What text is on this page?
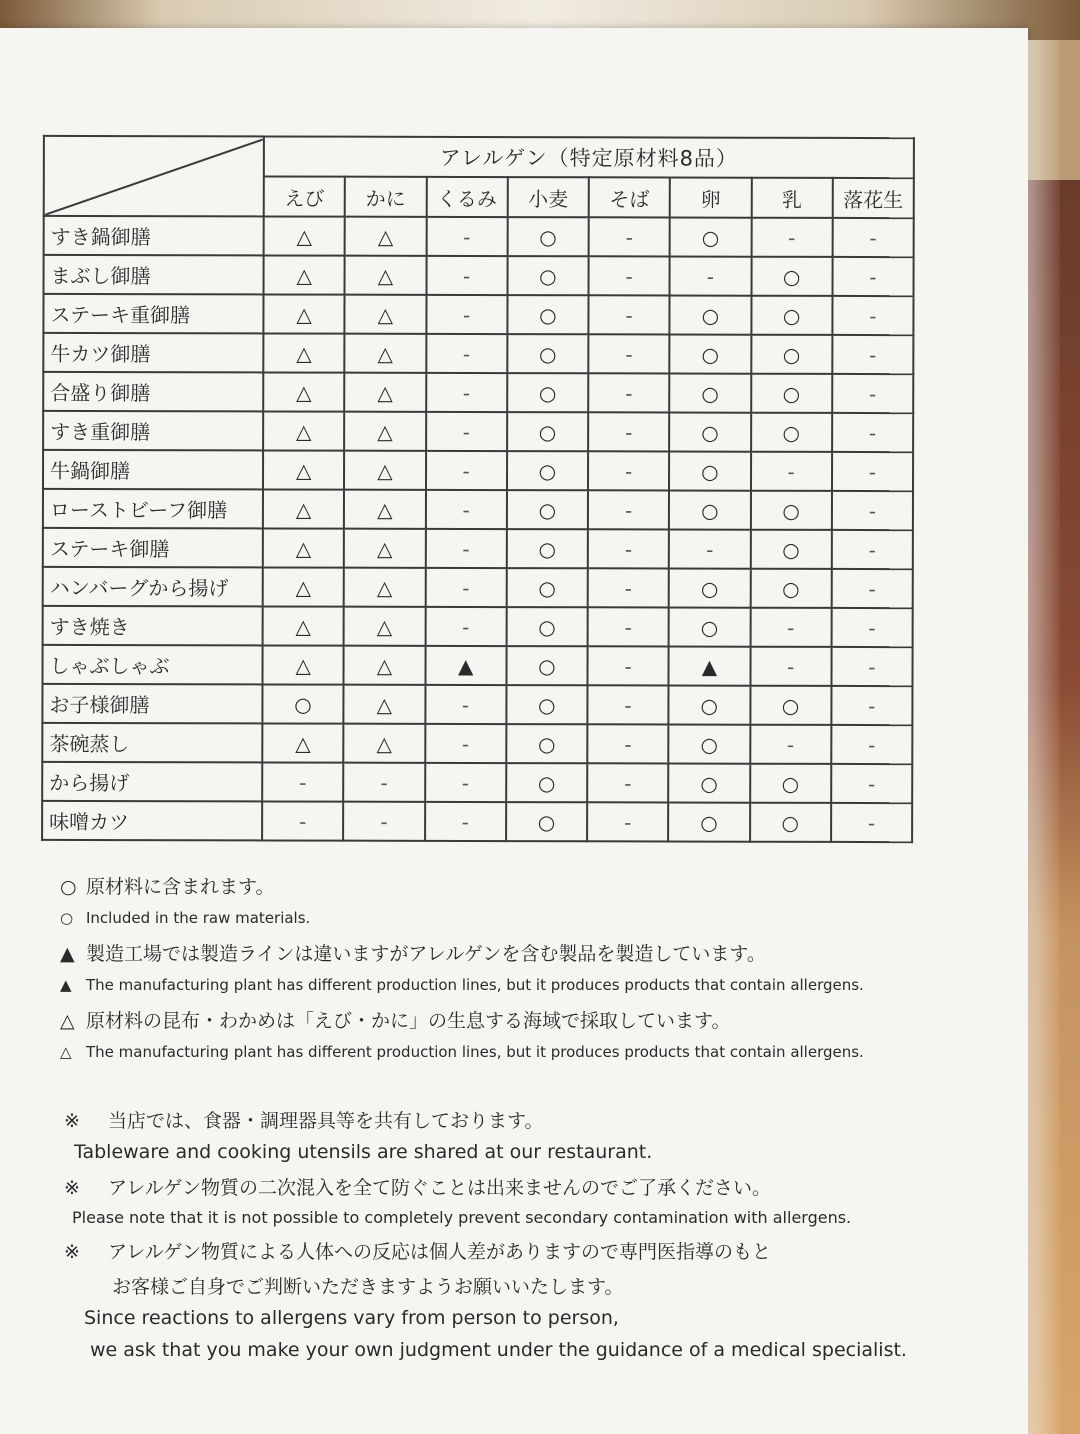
	アレルゲン（特定原材料8品）							
	えび	かに	くるみ	小麦	そば	卵	乳	落花生
すき鍋御膳	△	△	-	○	-	○	-	-
まぶし御膳	△	△	-	○	-	-	○	-
ステーキ重御膳	△	△	-	○	-	○	○	-
牛カツ御膳	△	△	-	○	-	○	○	-
合盛り御膳	△	△	-	○	-	○	○	-
すき重御膳	△	△	-	○	-	○	○	-
牛鍋御膳	△	△	-	○	-	○	-	-
ローストビーフ御膳	△	△	-	○	-	○	○	-
ステーキ御膳	△	△	-	○	-	-	○	-
ハンバーグから揚げ	△	△	-	○	-	○	○	-
すき焼き	△	△	-	○	-	○	-	-
しゃぶしゃぶ	△	△	▲	○	-	▲	-	-
お子様御膳	○	△	-	○	-	○	○	-
茶碗蒸し	△	△	-	○	-	○	-	-
から揚げ	-	-	-	○	-	○	○	-
味噌カツ	-	-	-	○	-	○	○	-
○ 原材料に含まれます。
○ Included in the raw materials.
▲ 製造工場では製造ラインは違いますがアレルゲンを含む製品を製造しています。
▲ The manufacturing plant has different production lines, but it produces products that contain allergens.
△ 原材料の昆布・わかめは「えび・かに」の生息する海域で採取しています。
△ The manufacturing plant has different production lines, but it produces products that contain allergens.
※ 当店では、食器・調理器具等を共有しております。
Tableware and cooking utensils are shared at our restaurant.
※ アレルゲン物質の二次混入を全て防ぐことは出来ませんのでご了承ください。
Please note that it is not possible to completely prevent secondary contamination with allergens.
※ アレルゲン物質による人体への反応は個人差がありますので専門医指導のもと
お客様ご自身でご判断いただきますようお願いいたします。
Since reactions to allergens vary from person to person,
we ask that you make your own judgment under the guidance of a medical specialist.
